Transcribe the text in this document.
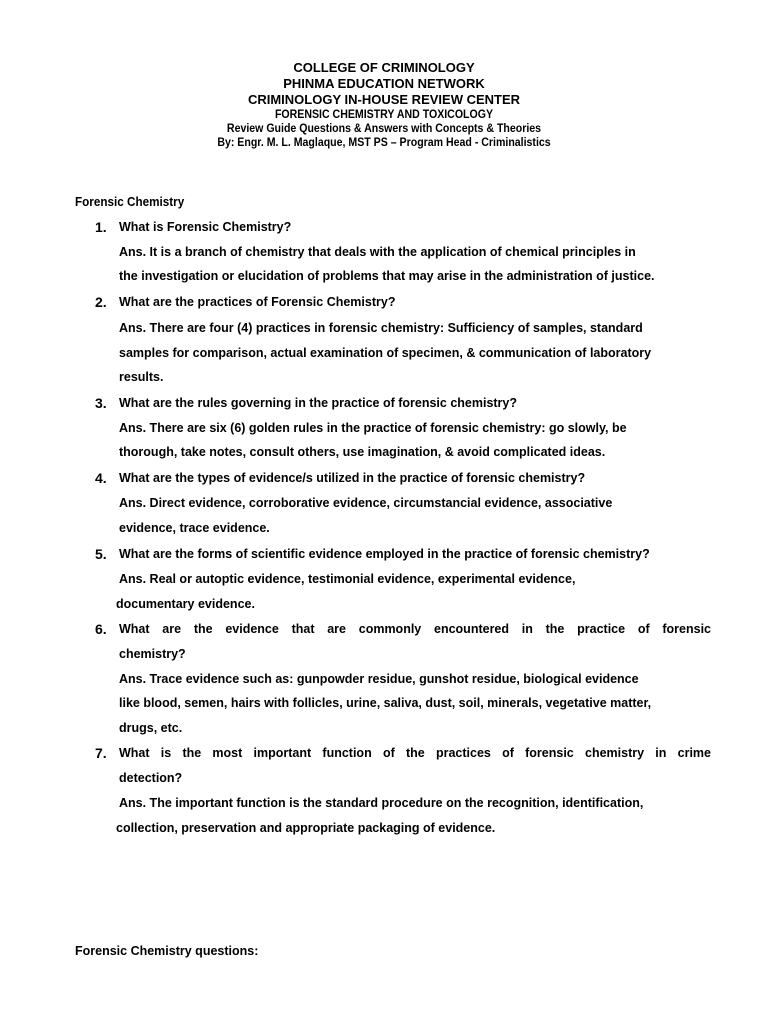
COLLEGE OF CRIMINOLOGY
PHINMA EDUCATION NETWORK
CRIMINOLOGY IN-HOUSE REVIEW CENTER
FORENSIC CHEMISTRY AND TOXICOLOGY
Review Guide Questions & Answers with Concepts & Theories
By: Engr. M. L. Maglaque, MST PS – Program Head - Criminalistics
Forensic Chemistry
1. What is Forensic Chemistry?
Ans. It is a branch of chemistry that deals with the application of chemical principles in
the investigation or elucidation of problems that may arise in the administration of justice.
2. What are the practices of Forensic Chemistry?
Ans. There are four (4) practices in forensic chemistry: Sufficiency of samples, standard
samples for comparison, actual examination of specimen, & communication of laboratory
results.
3. What are the rules governing in the practice of forensic chemistry?
Ans. There are six (6) golden rules in the practice of forensic chemistry: go slowly, be
thorough, take notes, consult others, use imagination, & avoid complicated ideas.
4. What are the types of evidence/s utilized in the practice of forensic chemistry?
Ans. Direct evidence, corroborative evidence, circumstancial evidence, associative
evidence, trace evidence.
5. What are the forms of scientific evidence employed in the practice of forensic chemistry?
Ans. Real or autoptic evidence, testimonial evidence, experimental evidence,
documentary evidence.
6. What are the evidence that are commonly encountered in the practice of forensic
chemistry?
Ans. Trace evidence such as: gunpowder residue, gunshot residue, biological evidence
like blood, semen, hairs with follicles, urine, saliva, dust, soil, minerals, vegetative matter,
drugs, etc.
7. What is the most important function of the practices of forensic chemistry in crime
detection?
Ans. The important function is the standard procedure on the recognition, identification,
collection, preservation and appropriate packaging of evidence.
Forensic Chemistry questions:
